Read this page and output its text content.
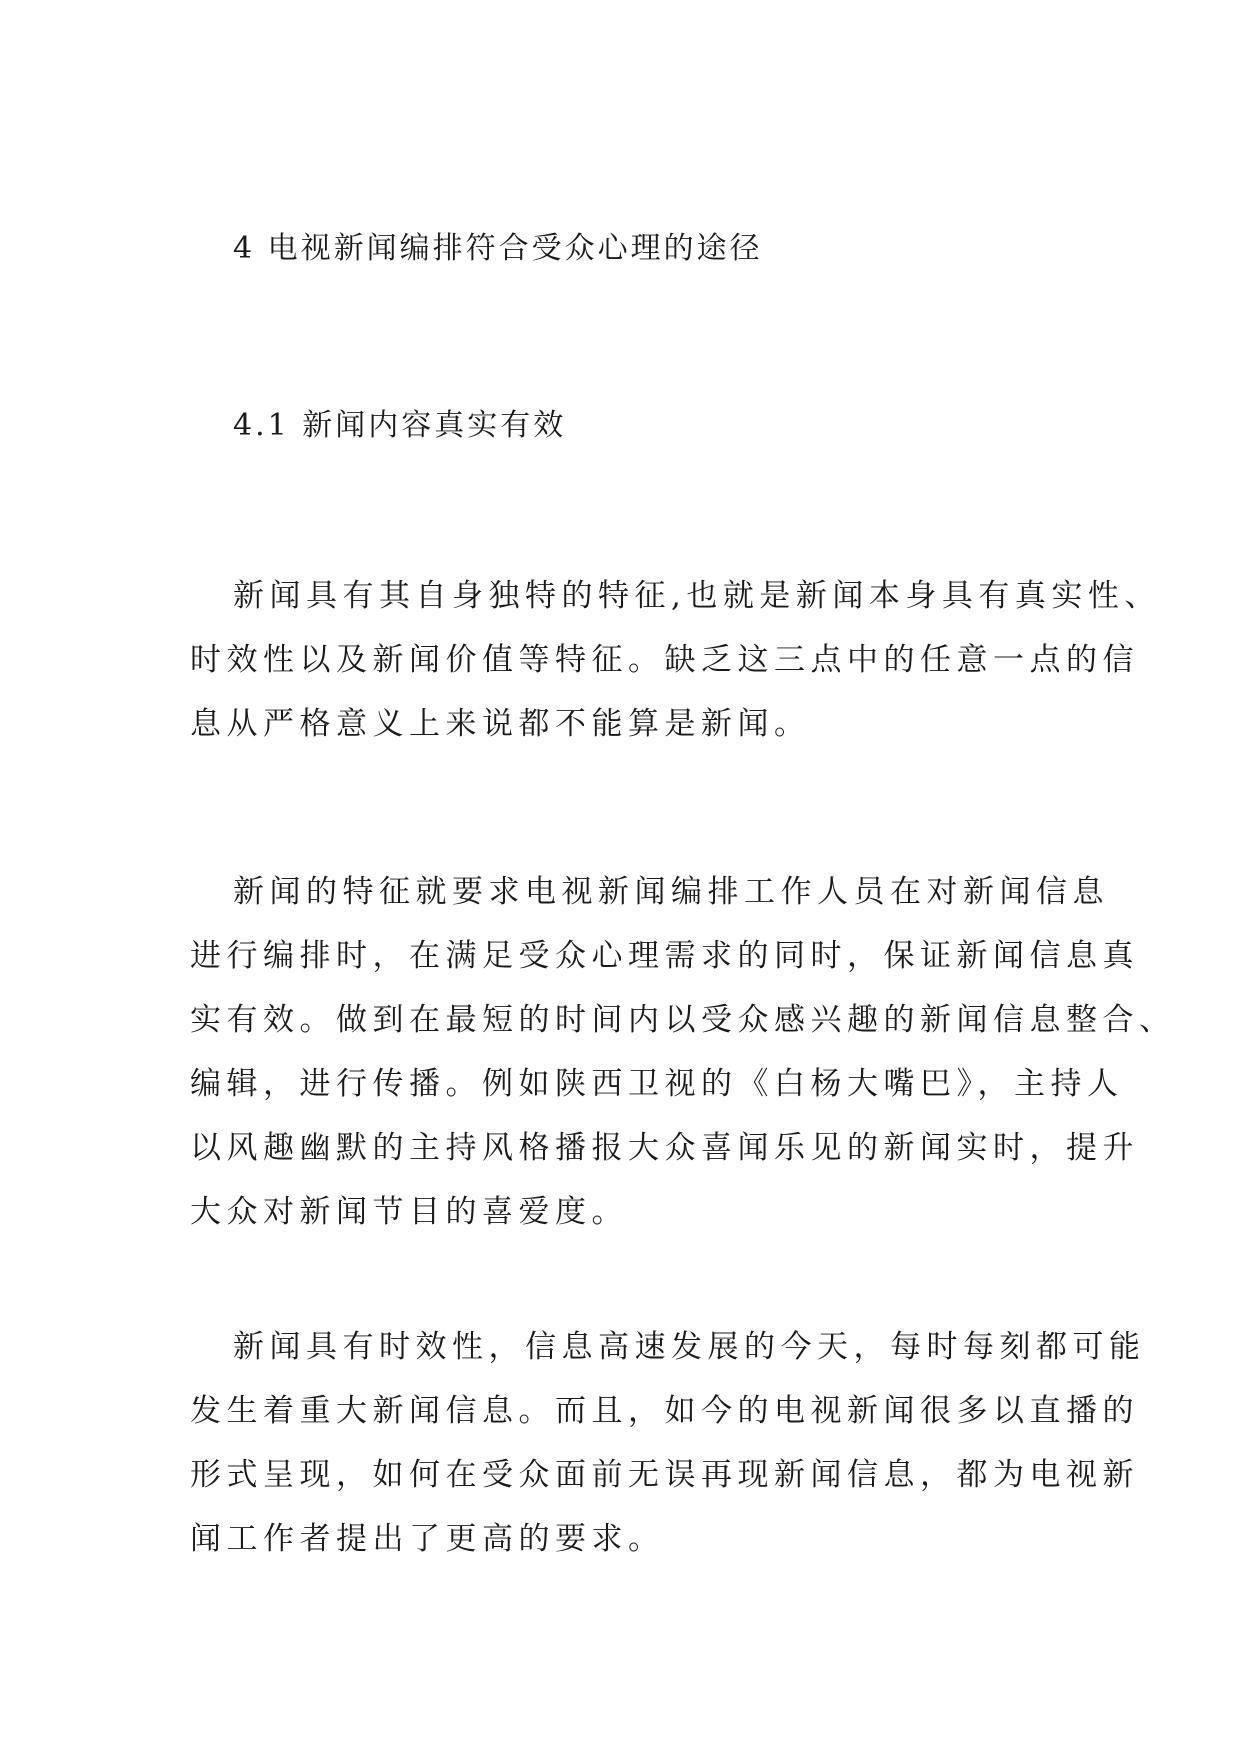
4 电视新闻编排符合受众心理的途径
4.1 新闻内容真实有效
新闻具有其自身独特的特征,也就是新闻本身具有真实性、
时效性以及新闻价值等特征。缺乏这三点中的任意一点的信
息从严格意义上来说都不能算是新闻。
新闻的特征就要求电视新闻编排工作人员在对新闻信息
进行编排时，在满足受众心理需求的同时，保证新闻信息真
实有效。做到在最短的时间内以受众感兴趣的新闻信息整合、
编辑，进行传播。例如陕西卫视的《白杨大嘴巴》，主持人
以风趣幽默的主持风格播报大众喜闻乐见的新闻实时，提升
大众对新闻节目的喜爱度。
新闻具有时效性，信息高速发展的今天，每时每刻都可能
发生着重大新闻信息。而且，如今的电视新闻很多以直播的
形式呈现，如何在受众面前无误再现新闻信息，都为电视新
闻工作者提出了更高的要求。
